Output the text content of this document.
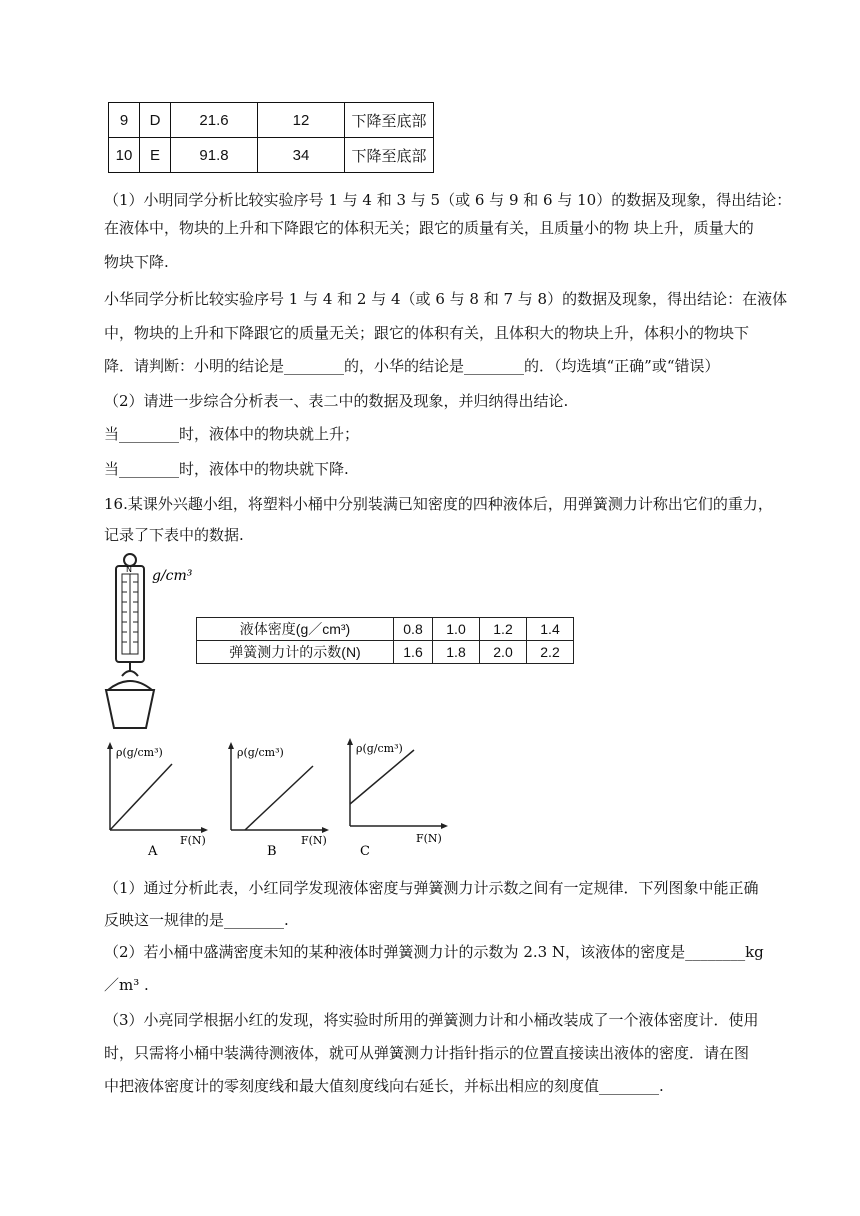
9	D	21.6	12	下降至底部
10	E	91.8	34	下降至底部

（1）小明同学分析比较实验序号 1 与 4 和 3 与 5（或 6 与 9 和 6 与 10）的数据及现象，得出结论：

在液体中，物块的上升和下降跟它的体积无关；跟它的质量有关，且质量小的物 块上升，质量大的

物块下降.

小华同学分析比较实验序号 1 与 4 和 2 与 4（或 6 与 8 和 7 与 8）的数据及现象，得出结论：在液体

中，物块的上升和下降跟它的质量无关；跟它的体积有关，且体积大的物块上升，体积小的物块下

降．请判断：小明的结论是________的，小华的结论是________的．（均选填“正确”或“错误）

（2）请进一步综合分析表一、表二中的数据及现象，并归纳得出结论.

当________时，液体中的物块就上升；

当________时，液体中的物块就下降.

16.某课外兴趣小组，将塑料小桶中分别装满已知密度的四种液体后，用弹簧测力计称出它们的重力，

记录了下表中的数据.

N g/cm³
液体密度(g／cm³)	0.8	1.0	1.2	1.4
弹簧测力计的示数(N)	1.6	1.8	2.0	2.2
ρ(g/cm³)
F(N)
A
ρ(g/cm³)
F(N)
B
ρ(g/cm³)
F(N)
C

（1）通过分析此表，小红同学发现液体密度与弹簧测力计示数之间有一定规律．下列图象中能正确

反映这一规律的是________.

（2）若小桶中盛满密度未知的某种液体时弹簧测力计的示数为 2.3 N，该液体的密度是________kg

／m³ .

（3）小亮同学根据小红的发现，将实验时所用的弹簧测力计和小桶改装成了一个液体密度计．使用

时，只需将小桶中装满待测液体，就可从弹簧测力计指针指示的位置直接读出液体的密度．请在图

中把液体密度计的零刻度线和最大值刻度线向右延长，并标出相应的刻度值________.
